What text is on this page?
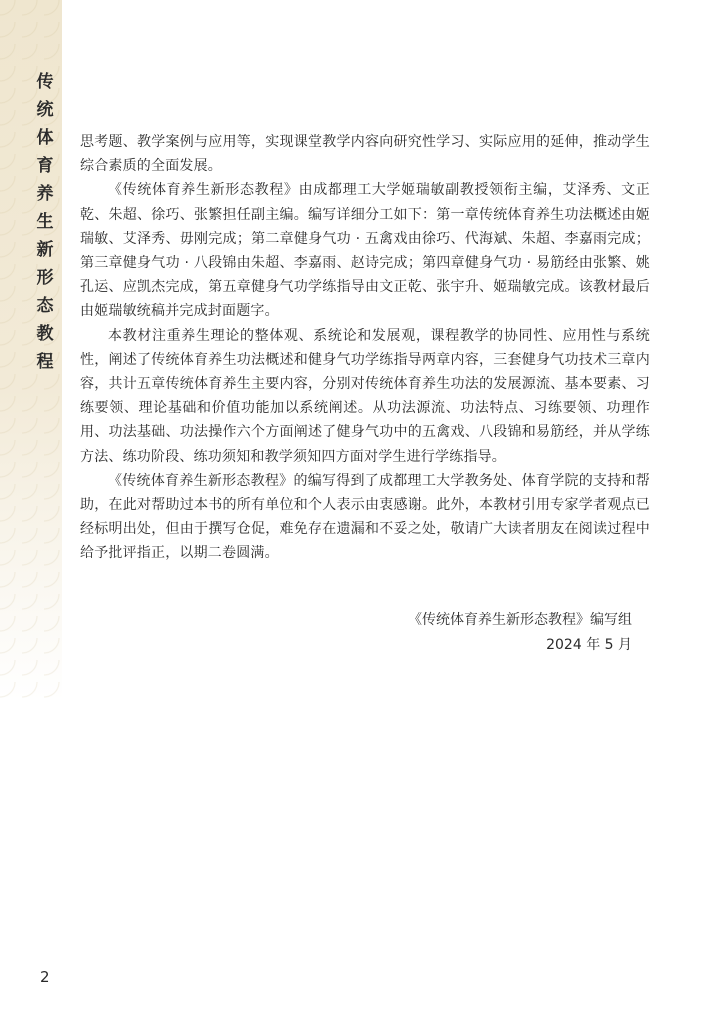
传
统
体
育
养
生
新
形
态
教
程

思考题、教学案例与应用等，实现课堂教学内容向研究性学习、实际应用的延伸，推动学生综合素质的全面发展。

《传统体育养生新形态教程》由成都理工大学姬瑞敏副教授领衔主编，艾泽秀、文正乾、朱超、徐巧、张繁担任副主编。编写详细分工如下：第一章传统体育养生功法概述由姬瑞敏、艾泽秀、毋刚完成；第二章健身气功 · 五禽戏由徐巧、代海斌、朱超、李嘉雨完成；第三章健身气功 · 八段锦由朱超、李嘉雨、赵诗完成；第四章健身气功 · 易筋经由张繁、姚孔运、应凯杰完成，第五章健身气功学练指导由文正乾、张宇升、姬瑞敏完成。该教材最后由姬瑞敏统稿并完成封面题字。

本教材注重养生理论的整体观、系统论和发展观，课程教学的协同性、应用性与系统性，阐述了传统体育养生功法概述和健身气功学练指导两章内容，三套健身气功技术三章内容，共计五章传统体育养生主要内容，分别对传统体育养生功法的发展源流、基本要素、习练要领、理论基础和价值功能加以系统阐述。从功法源流、功法特点、习练要领、功理作用、功法基础、功法操作六个方面阐述了健身气功中的五禽戏、八段锦和易筋经，并从学练方法、练功阶段、练功须知和教学须知四方面对学生进行学练指导。

《传统体育养生新形态教程》的编写得到了成都理工大学教务处、体育学院的支持和帮助，在此对帮助过本书的所有单位和个人表示由衷感谢。此外，本教材引用专家学者观点已经标明出处，但由于撰写仓促，难免存在遗漏和不妥之处，敬请广大读者朋友在阅读过程中给予批评指正，以期二卷圆满。

《传统体育养生新形态教程》编写组
2024 年 5 月
2
